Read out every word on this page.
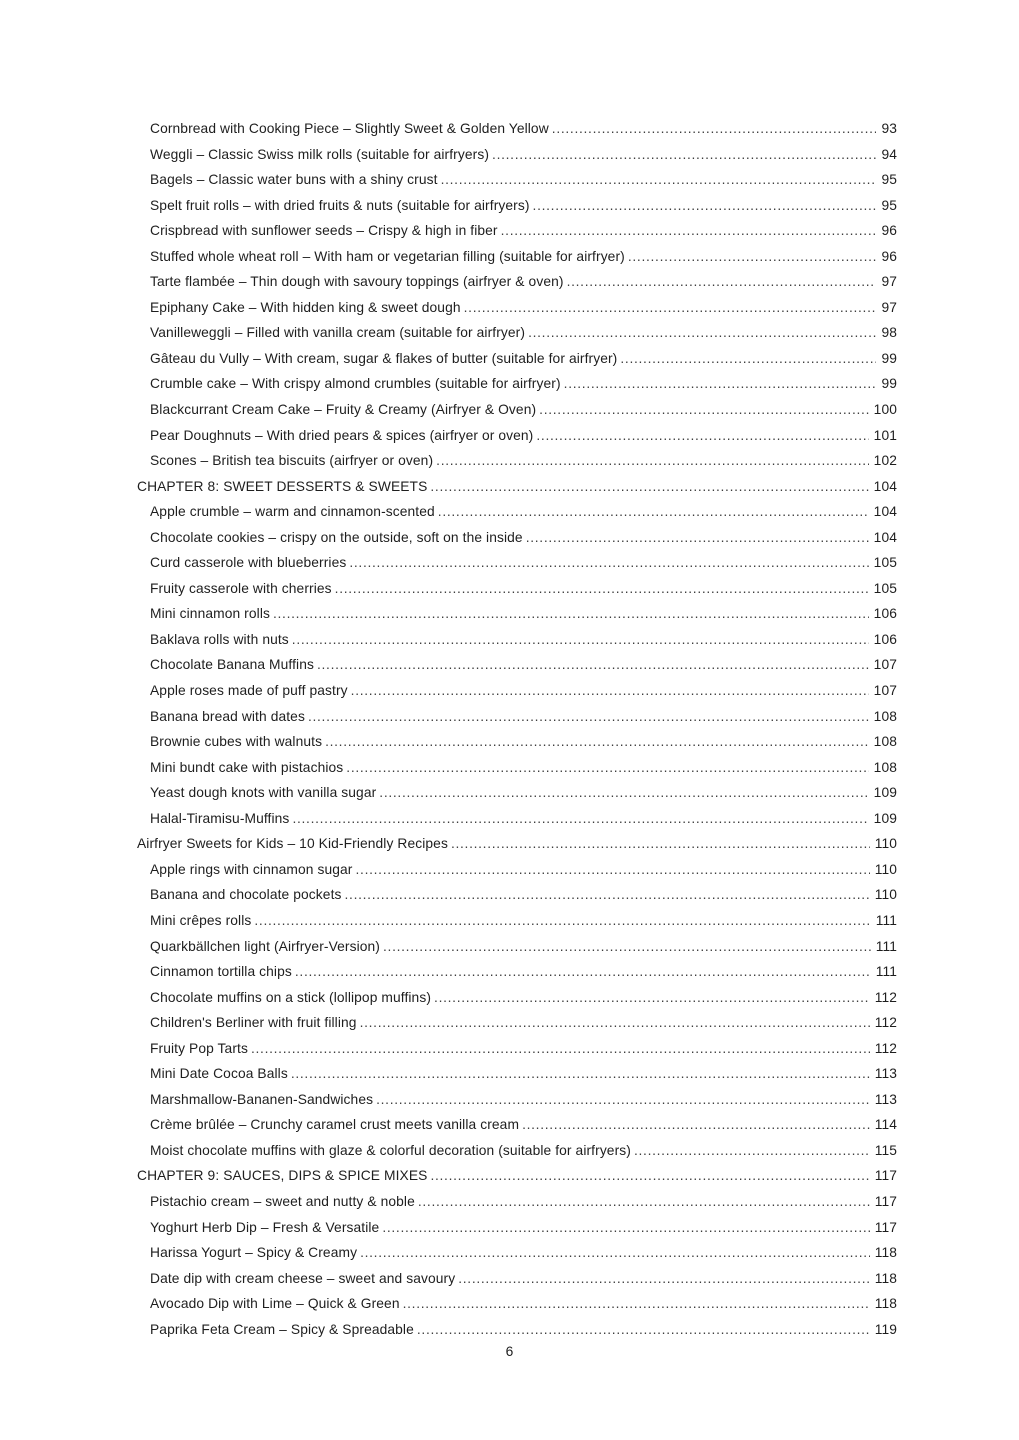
Cornbread with Cooking Piece – Slightly Sweet & Golden Yellow .....	93
Weggli – Classic Swiss milk rolls (suitable for airfryers) .....	94
Bagels – Classic water buns with a shiny crust .....	95
Spelt fruit rolls – with dried fruits & nuts (suitable for airfryers) .....	95
Crispbread with sunflower seeds – Crispy & high in fiber .....	96
Stuffed whole wheat roll – With ham or vegetarian filling (suitable for airfryer) .....	96
Tarte flambée – Thin dough with savoury toppings (airfryer & oven) .....	97
Epiphany Cake – With hidden king & sweet dough .....	97
Vanilleweggli – Filled with vanilla cream (suitable for airfryer) .....	98
Gâteau du Vully – With cream, sugar & flakes of butter (suitable for airfryer) .....	99
Crumble cake – With crispy almond crumbles (suitable for airfryer) .....	99
Blackcurrant Cream Cake – Fruity & Creamy (Airfryer & Oven) .....	100
Pear Doughnuts – With dried pears & spices (airfryer or oven) .....	101
Scones – British tea biscuits (airfryer or oven) .....	102
CHAPTER 8: SWEET DESSERTS & SWEETS .....	104
Apple crumble – warm and cinnamon-scented .....	104
Chocolate cookies – crispy on the outside, soft on the inside .....	104
Curd casserole with blueberries .....	105
Fruity casserole with cherries .....	105
Mini cinnamon rolls .....	106
Baklava rolls with nuts .....	106
Chocolate Banana Muffins .....	107
Apple roses made of puff pastry .....	107
Banana bread with dates .....	108
Brownie cubes with walnuts .....	108
Mini bundt cake with pistachios .....	108
Yeast dough knots with vanilla sugar .....	109
Halal-Tiramisu-Muffins .....	109
Airfryer Sweets for Kids – 10 Kid-Friendly Recipes .....	110
Apple rings with cinnamon sugar .....	110
Banana and chocolate pockets .....	110
Mini crêpes rolls .....	111
Quarkbällchen light (Airfryer-Version) .....	111
Cinnamon tortilla chips .....	111
Chocolate muffins on a stick (lollipop muffins) .....	112
Children's Berliner with fruit filling .....	112
Fruity Pop Tarts .....	112
Mini Date Cocoa Balls .....	113
Marshmallow-Bananen-Sandwiches .....	113
Crème brûlée – Crunchy caramel crust meets vanilla cream .....	114
Moist chocolate muffins with glaze & colorful decoration (suitable for airfryers) .....	115
CHAPTER 9: SAUCES, DIPS & SPICE MIXES .....	117
Pistachio cream – sweet and nutty & noble .....	117
Yoghurt Herb Dip – Fresh & Versatile .....	117
Harissa Yogurt – Spicy & Creamy .....	118
Date dip with cream cheese – sweet and savoury .....	118
Avocado Dip with Lime – Quick & Green .....	118
Paprika Feta Cream – Spicy & Spreadable .....	119
6
